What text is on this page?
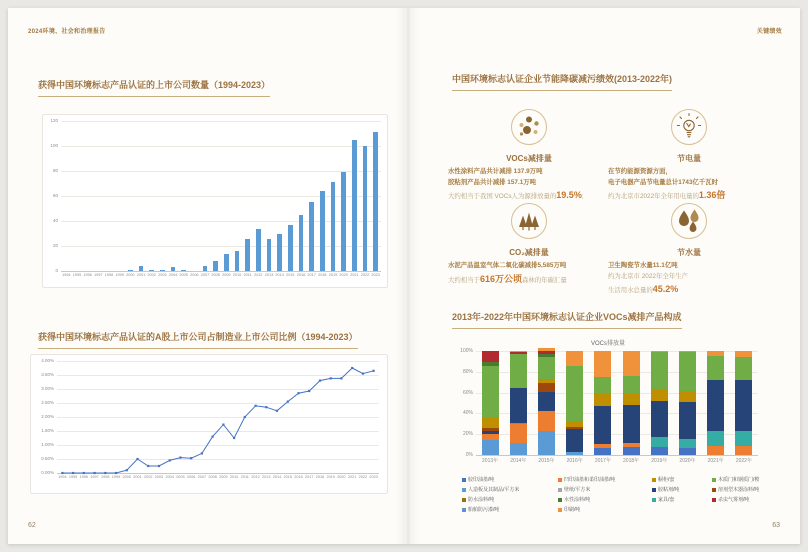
2024环境、社会和治理报告
获得中国环境标志产品认证的上市公司数量（1994-2023）
0
20
40
60
80
100
120
1994 1995 1996 1997 1998 1999 2000 2001 2002 2003 2004 2005 2006 2007 2008 2009 2010 2011 2012 2013 2014 2015 2016 2017 2018 2019 2020 2021 2022 2023
获得中国环境标志产品认证的A股上市公司占制造业上市公司比例（1994-2023）
0.00%
0.50%
1.00%
1.50%
2.00%
2.50%
3.00%
3.50%
4.00%
1994 1995 1996 1997 1998 1999 2000 2001 2002 2003 2004 2005 2006 2007 2008 2009 2010 2011 2012 2013 2014 2015 2016 2017 2018 2019 2020 2021 2022 2023
62
关键绩效
中国环境标志认证企业节能降碳减污绩效(2013-2022年)
VOCs减排量
水性涂料产品共计减排 137.9万吨
胶粘剂产品共计减排 157.1万吨
大约相当于我国 VOCs人为源排放量的19.5%;
节电量
在节约能源资源方面，
电子电器产品节电量总计1743亿千瓦时
约为北京市2022年全年用电量的1.36倍
CO₂减排量
水泥产品温室气体二氧化碳减排5,585万吨
大约相当于616万公顷森林的年碳汇量
节水量
卫生陶瓷节水量11.1亿吨
约为北京市 2022年全年生产
生活用水总量的45.2%
2013年-2022年中国环境标志认证企业VOCs减排产品构成
VOCs排放量
0%
20%
40%
60%
80%
100%
2013年	2014年	2015年	2016年	2017年	2018年	2019年	2020年	2021年	2022年
胶印油墨/吨	凹印油墨和柔印油墨/吨	橱柜/套	木质门和钢质门/樘
人造板及其制品/平方米	壁纸/平方米	胶粘剂/吨	溶剂型木器涂料/吨
防水涂料/吨	水性涂料/吨	家具/套	杀虫气雾剂/吨
船舶防污漆/吨	印刷/吨
63
